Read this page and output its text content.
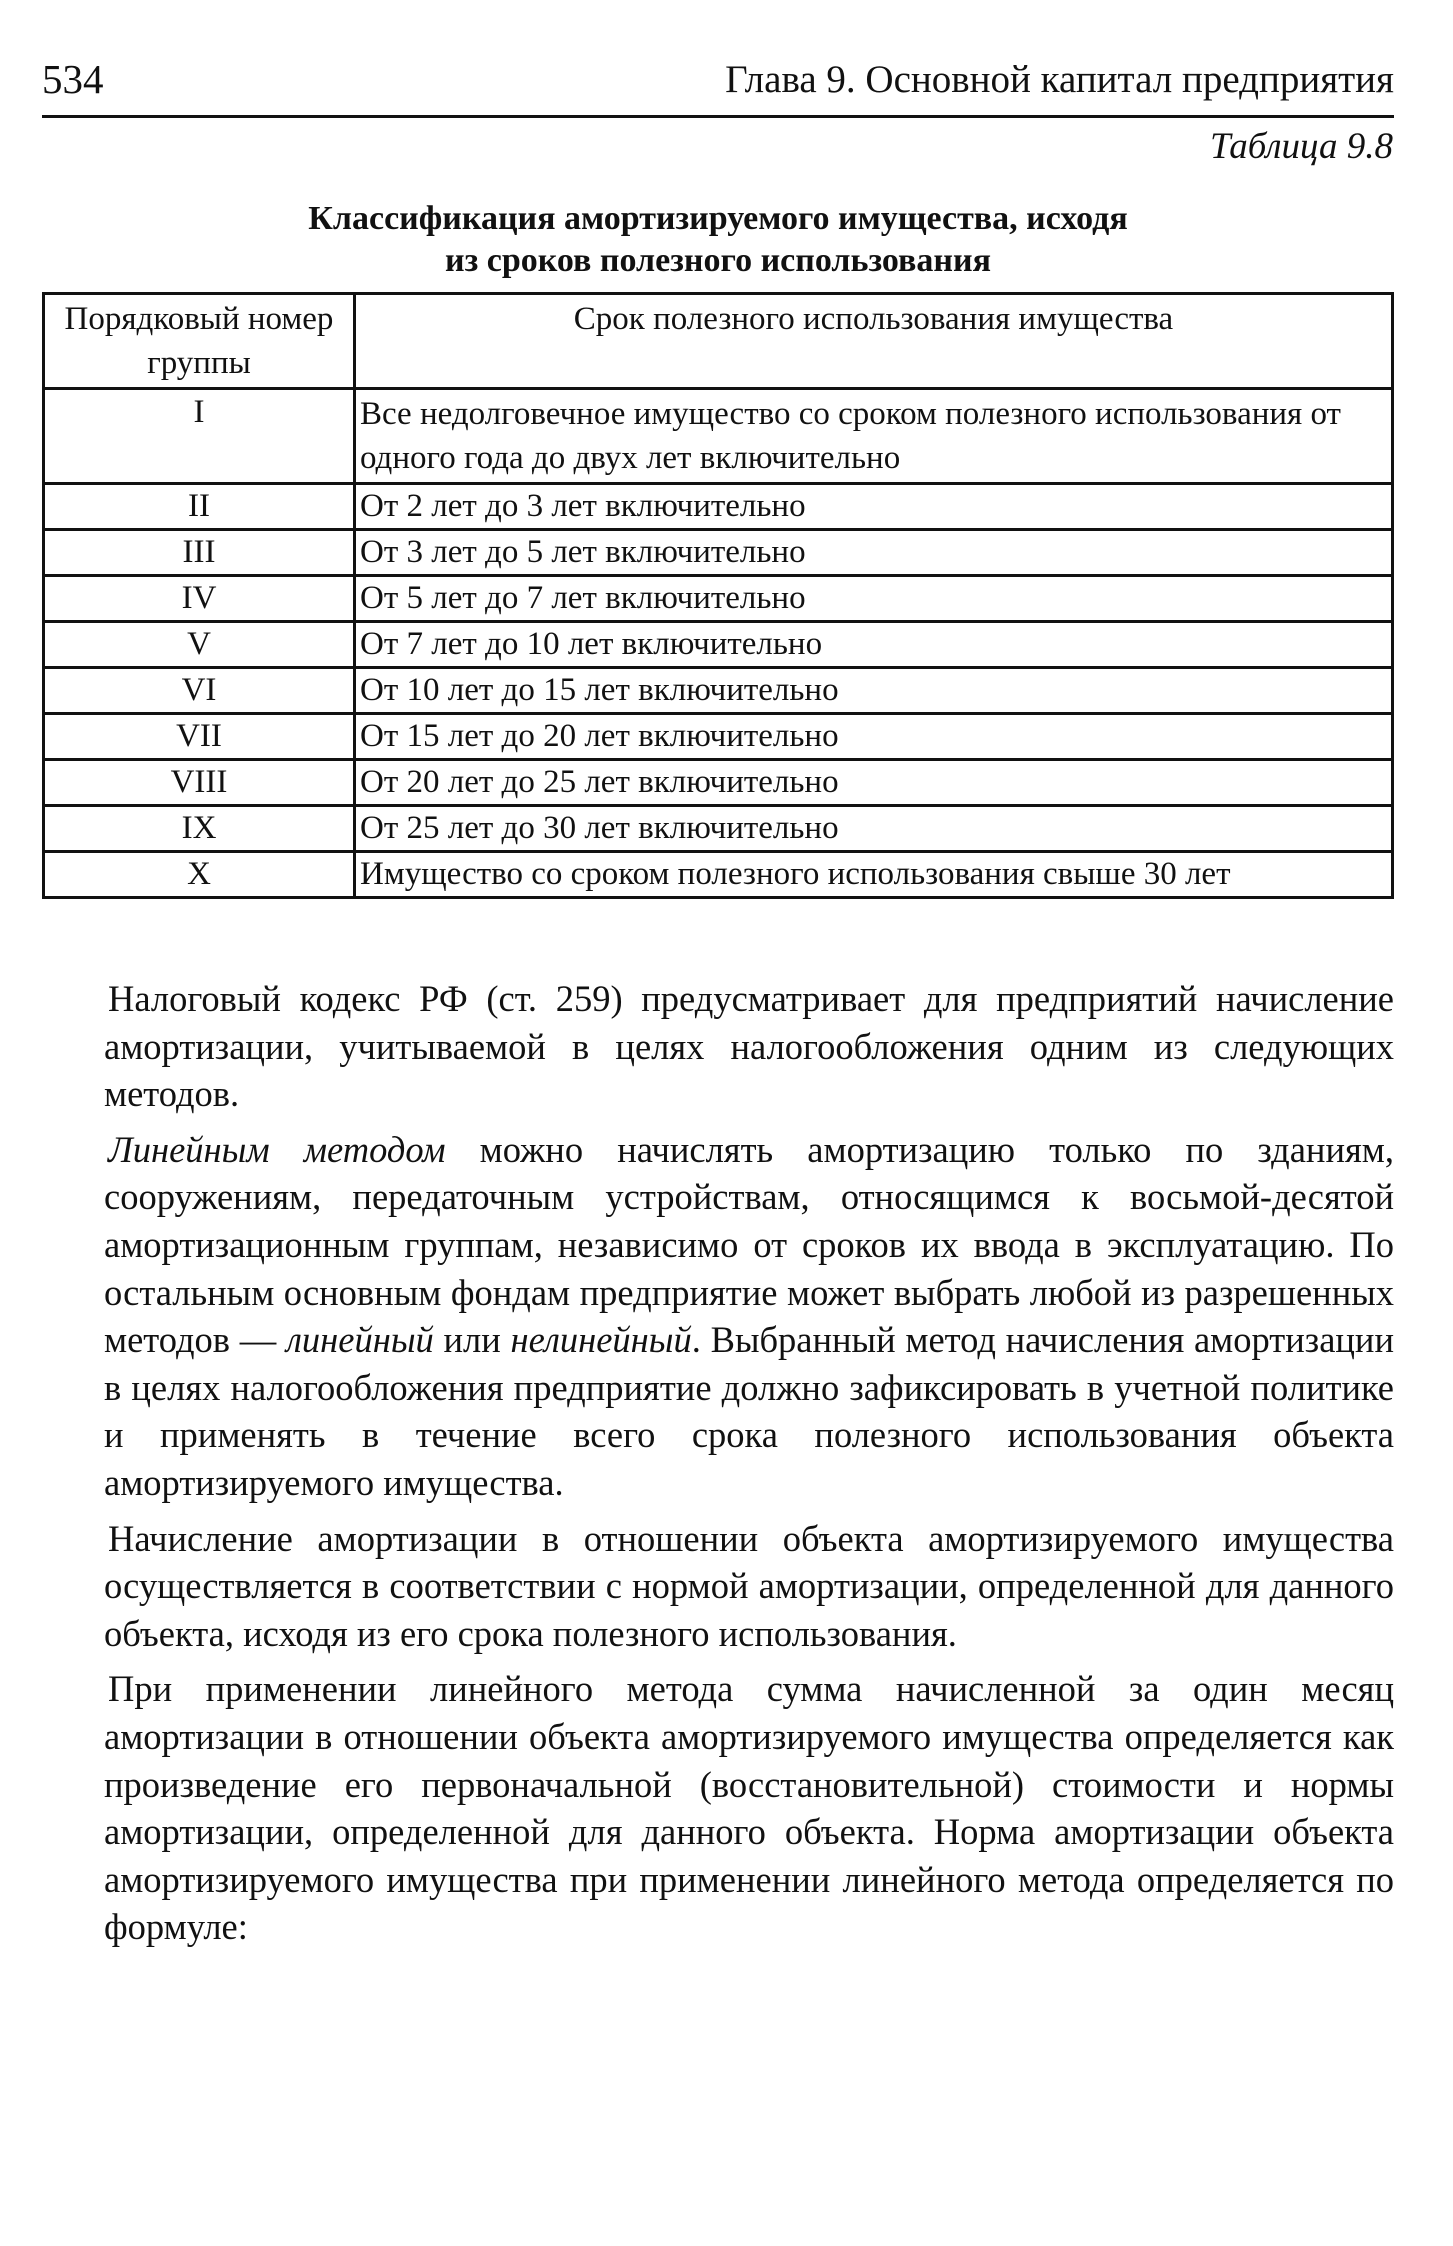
534	Глава 9. Основной капитал предприятия
Таблица 9.8
Классификация амортизируемого имущества, исходя
из сроков полезного использования
Порядковый номер группы	Срок полезного использования имущества
I	Все недолговечное имущество со сроком полезного использования от одного года до двух лет включительно
II	От 2 лет до 3 лет включительно
III	От 3 лет до 5 лет включительно
IV	От 5 лет до 7 лет включительно
V	От 7 лет до 10 лет включительно
VI	От 10 лет до 15 лет включительно
VII	От 15 лет до 20 лет включительно
VIII	От 20 лет до 25 лет включительно
IX	От 25 лет до 30 лет включительно
X	Имущество со сроком полезного использования свыше 30 лет

Налоговый кодекс РФ (ст. 259) предусматривает для предприятий начисление амортизации, учитываемой в целях налогообложения одним из следующих методов.

Линейным методом можно начислять амортизацию только по зданиям, сооружениям, передаточным устройствам, относящимся к восьмой-десятой амортизационным группам, независимо от сроков их ввода в эксплуатацию. По остальным основным фондам предприятие может выбрать любой из разрешенных методов — линейный или нелинейный. Выбранный метод начисления амортизации в целях налогообложения предприятие должно зафиксировать в учетной политике и применять в течение всего срока полезного использования объекта амортизируемого имущества.

Начисление амортизации в отношении объекта амортизируемого имущества осуществляется в соответствии с нормой амортизации, определенной для данного объекта, исходя из его срока полезного использования.

При применении линейного метода сумма начисленной за один месяц амортизации в отношении объекта амортизируемого имущества определяется как произведение его первоначальной (восстановительной) стоимости и нормы амортизации, определенной для данного объекта. Норма амортизации объекта амортизируемого имущества при применении линейного метода определяется по формуле:
